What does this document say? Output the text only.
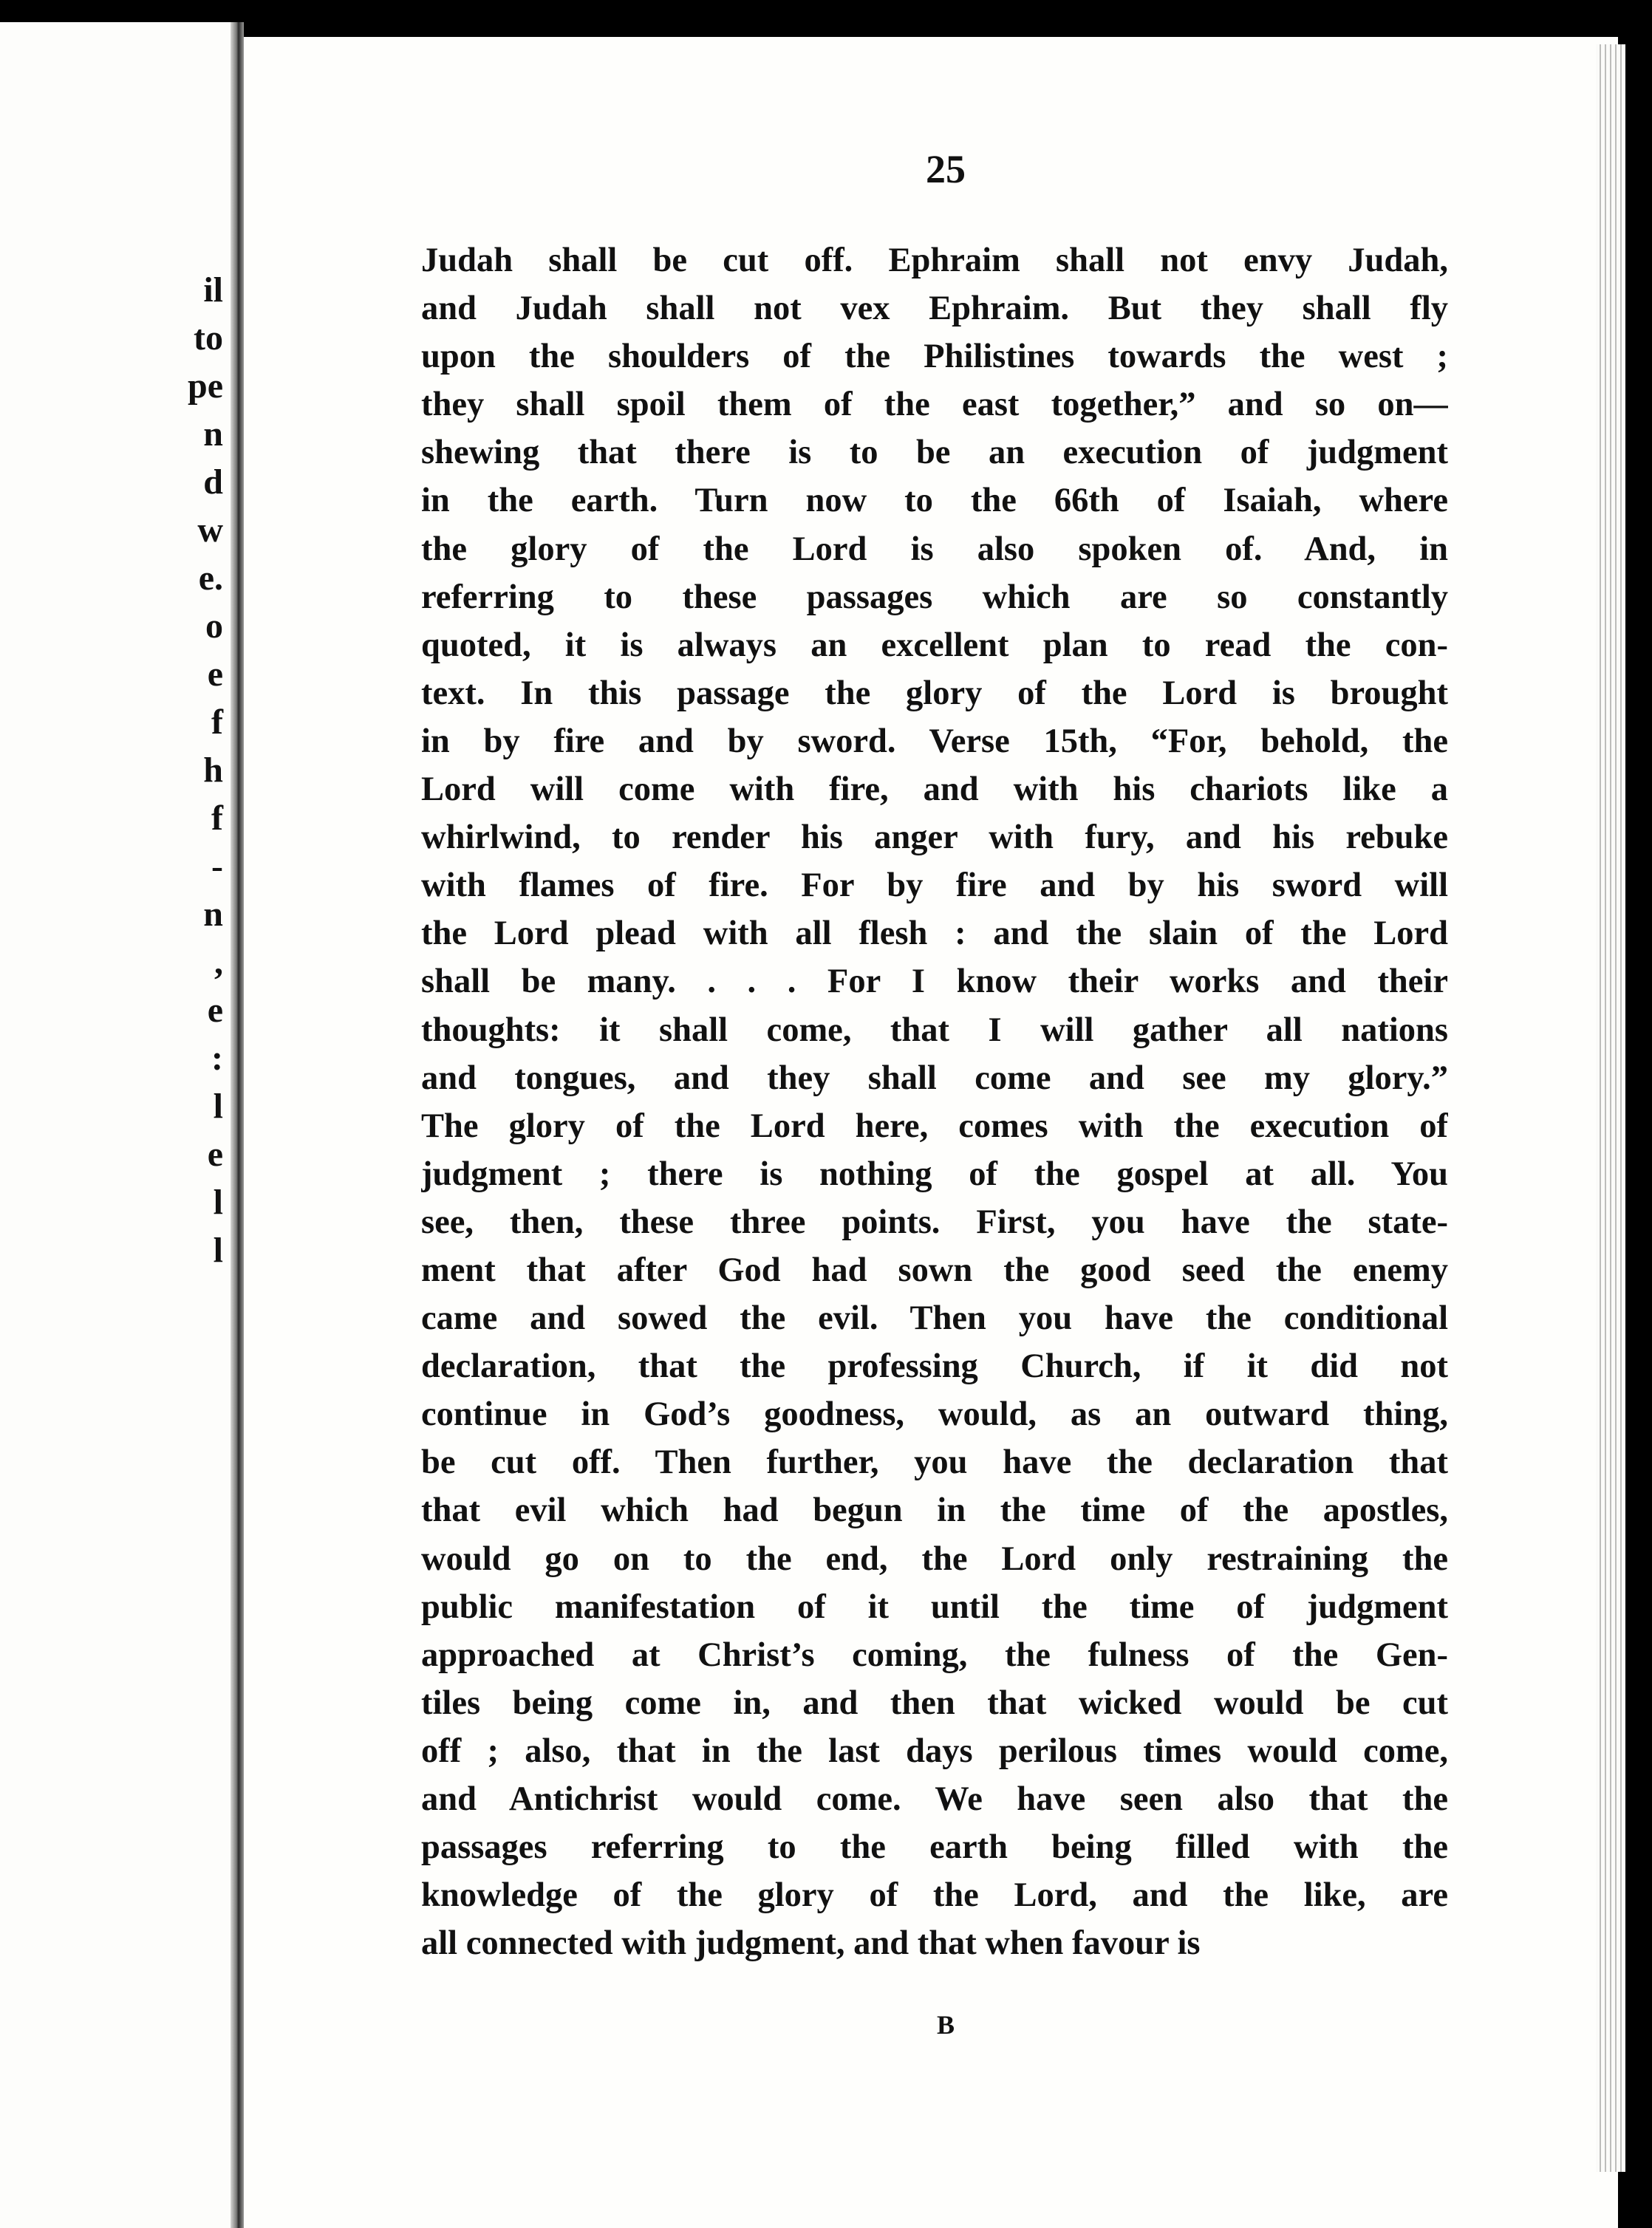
il
to
pe
n
d
w
e.
o
e
f
h
f
-
n
,
e
:
l
e
l
l
25
Judah shall be cut off. Ephraim shall not envy Judah,
and Judah shall not vex Ephraim. But they shall fly
upon the shoulders of the Philistines towards the west ;
they shall spoil them of the east together,” and so on—
shewing that there is to be an execution of judgment
in the earth. Turn now to the 66th of Isaiah, where
the glory of the Lord is also spoken of. And, in
referring to these passages which are so constantly
quoted, it is always an excellent plan to read the con-
text. In this passage the glory of the Lord is brought
in by fire and by sword. Verse 15th, “For, behold, the
Lord will come with fire, and with his chariots like a
whirlwind, to render his anger with fury, and his rebuke
with flames of fire. For by fire and by his sword will
the Lord plead with all flesh : and the slain of the Lord
shall be many. . . . For I know their works and their
thoughts: it shall come, that I will gather all nations
and tongues, and they shall come and see my glory.”
The glory of the Lord here, comes with the execution of
judgment ; there is nothing of the gospel at all. You
see, then, these three points. First, you have the state-
ment that after God had sown the good seed the enemy
came and sowed the evil. Then you have the conditional
declaration, that the professing Church, if it did not
continue in God’s goodness, would, as an outward thing,
be cut off. Then further, you have the declaration that
that evil which had begun in the time of the apostles,
would go on to the end, the Lord only restraining the
public manifestation of it until the time of judgment
approached at Christ’s coming, the fulness of the Gen-
tiles being come in, and then that wicked would be cut
off ; also, that in the last days perilous times would come,
and Antichrist would come. We have seen also that the
passages referring to the earth being filled with the
knowledge of the glory of the Lord, and the like, are
all connected with judgment, and that when favour is
B
